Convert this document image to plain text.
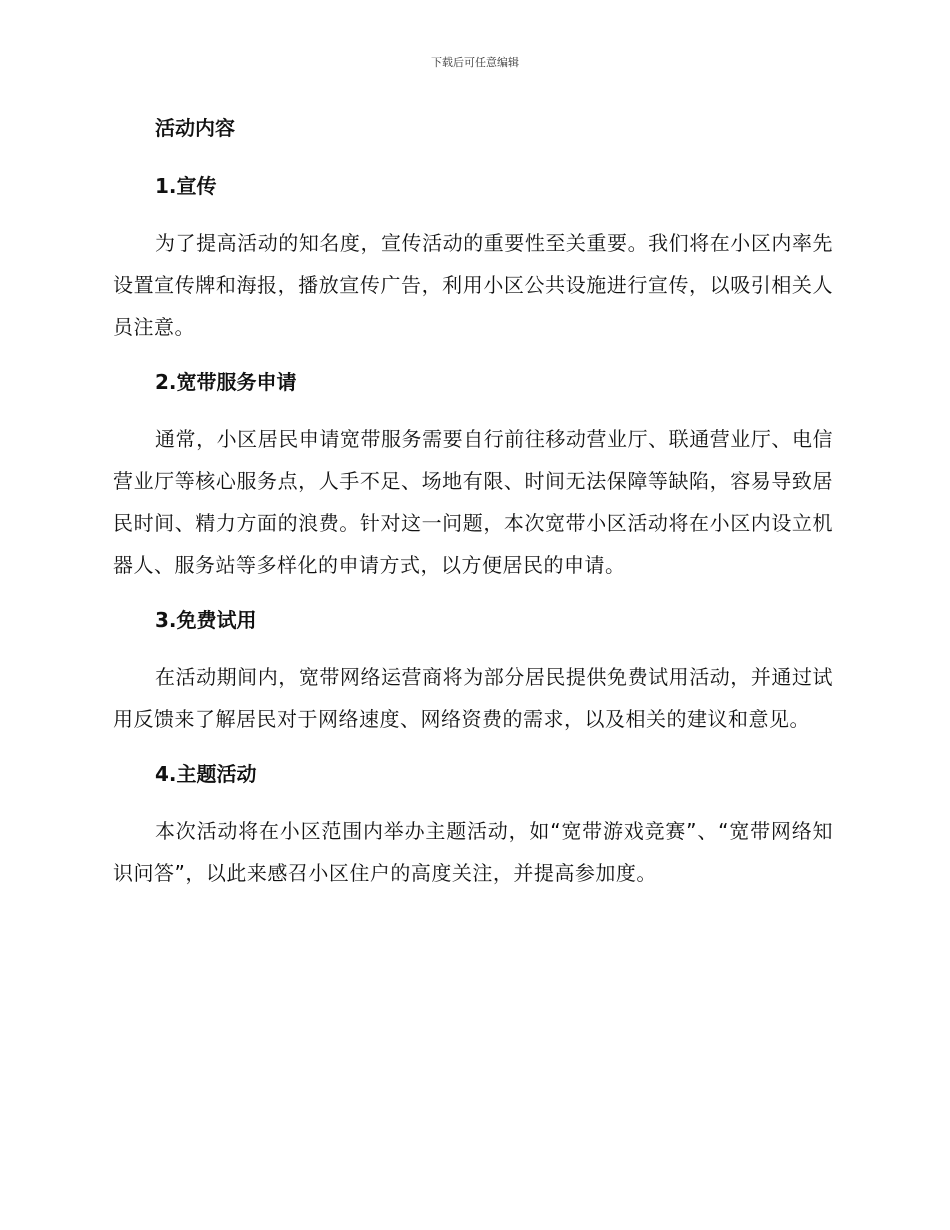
下载后可任意编辑
活动内容
1.宣传

为了提高活动的知名度，宣传活动的重要性至关重要。我们将在小区内率先设置宣传牌和海报，播放宣传广告，利用小区公共设施进行宣传，以吸引相关人员注意。

2.宽带服务申请

通常，小区居民申请宽带服务需要自行前往移动营业厅、联通营业厅、电信营业厅等核心服务点，人手不足、场地有限、时间无法保障等缺陷，容易导致居民时间、精力方面的浪费。针对这一问题，本次宽带小区活动将在小区内设立机器人、服务站等多样化的申请方式，以方便居民的申请。

3.免费试用

在活动期间内，宽带网络运营商将为部分居民提供免费试用活动，并通过试用反馈来了解居民对于网络速度、网络资费的需求，以及相关的建议和意见。

4.主题活动

本次活动将在小区范围内举办主题活动，如“宽带游戏竞赛”、“宽带网络知识问答”，以此来感召小区住户的高度关注，并提高参加度。
